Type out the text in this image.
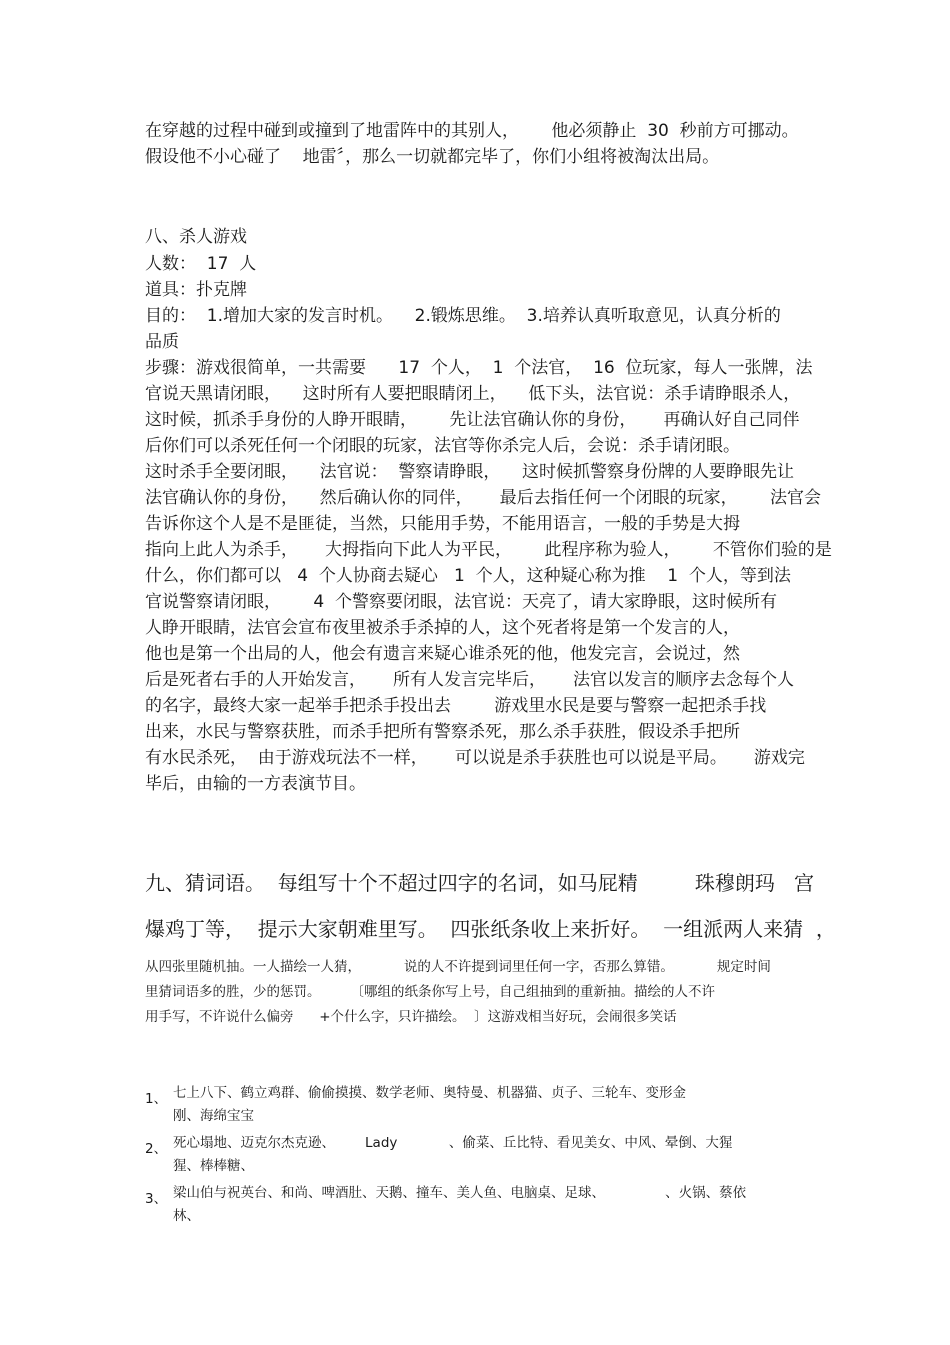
在穿越的过程中碰到或撞到了地雷阵中的其别人，      他必须静止  30  秒前方可挪动。
假设他不小心碰了    地雷〞，那么一切就都完毕了，你们小组将被淘汰出局。
八、杀人游戏
人数：  17  人
道具：扑克牌
目的：  1.增加大家的发言时机。    2.锻炼思维。  3.培养认真听取意见，认真分析的
品质
步骤：游戏很简单，一共需要      17  个人，  1  个法官，  16  位玩家，每人一张牌，法
官说天黑请闭眼，    这时所有人要把眼睛闭上，    低下头，法官说：杀手请睁眼杀人，
这时候，抓杀手身份的人睁开眼睛，      先让法官确认你的身份，     再确认好自己同伴
后你们可以杀死任何一个闭眼的玩家，法官等你杀完人后，会说：杀手请闭眼。
这时杀手全要闭眼，    法官说：  警察请睁眼，    这时候抓警察身份牌的人要睁眼先让
法官确认你的身份，    然后确认你的同伴，     最后去指任何一个闭眼的玩家，      法官会
告诉你这个人是不是匪徒，当然，只能用手势，不能用语言，一般的手势是大拇
指向上此人为杀手，     大拇指向下此人为平民，      此程序称为验人，      不管你们验的是
什么，你们都可以   4  个人协商去疑心   1  个人，这种疑心称为推    1  个人，等到法
官说警察请闭眼，      4  个警察要闭眼，法官说：天亮了，请大家睁眼，这时候所有
人睁开眼睛，法官会宣布夜里被杀手杀掉的人，这个死者将是第一个发言的人，
他也是第一个出局的人，他会有遗言来疑心谁杀死的他，他发完言，会说过，然
后是死者右手的人开始发言，     所有人发言完毕后，     法官以发言的顺序去念每个人
的名字，最终大家一起举手把杀手投出去        游戏里水民是要与警察一起把杀手找
出来，水民与警察获胜，而杀手把所有警察杀死，那么杀手获胜，假设杀手把所
有水民杀死，  由于游戏玩法不一样，     可以说是杀手获胜也可以说是平局。     游戏完
毕后，由输的一方表演节目。
九、猜词语。  每组写十个不超过四字的名词，如马屁精         珠穆朗玛   宫
爆鸡丁等，  提示大家朝难里写。  四张纸条收上来折好。  一组派两人来猜  ，
从四张里随机抽。一人描绘一人猜，          说的人不许提到词里任何一字，否那么算错。          规定时间
里猜词语多的胜，少的惩罚。       〔哪组的纸条你写上号，自己组抽到的重新抽。描绘的人不许
用手写，不许说什么偏旁      +个什么字，只许描绘。  〕这游戏相当好玩，会闹很多笑话
1、 七上八下、鹤立鸡群、偷偷摸摸、数学老师、奥特曼、机器猫、贞子、三轮车、变形金
刚、海绵宝宝
2、 死心塌地、迈克尔杰克逊、       Lady            、偷菜、丘比特、看见美女、中风、晕倒、大猩
猩、棒棒糖、
3、 梁山伯与祝英台、和尚、啤酒肚、天鹅、撞车、美人鱼、电脑桌、足球、              、火锅、蔡依
林、
